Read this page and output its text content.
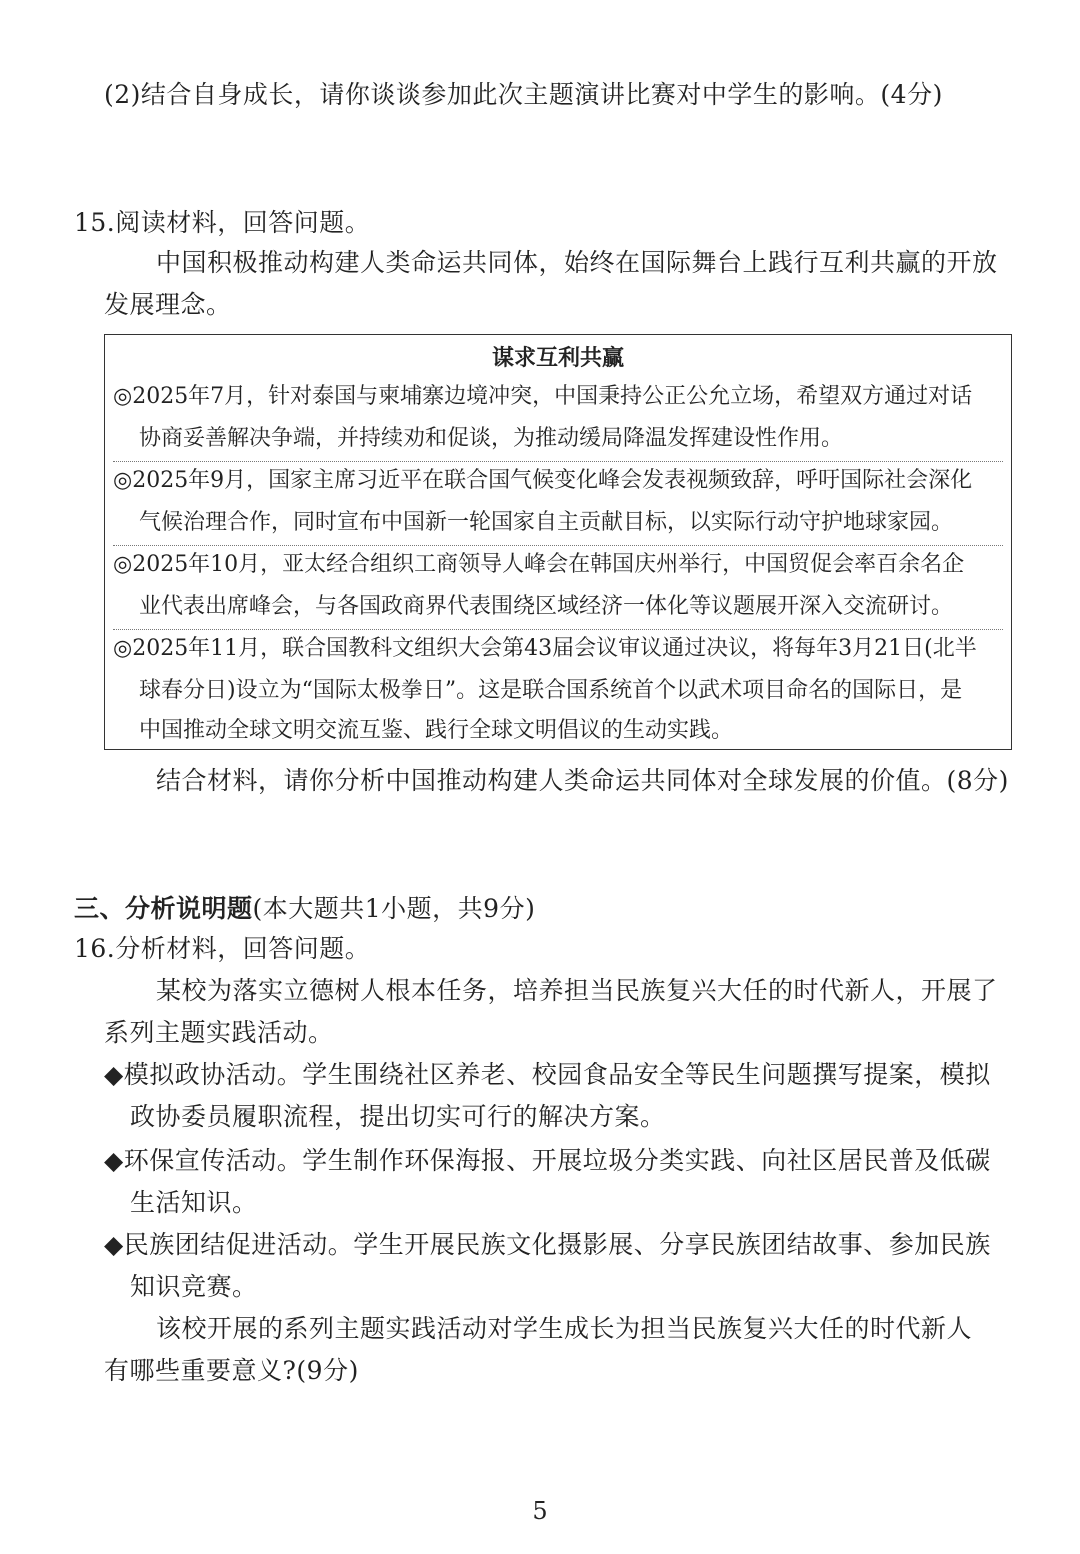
(2)结合自身成长，请你谈谈参加此次主题演讲比赛对中学生的影响。(4分)
15.阅读材料，回答问题。
中国积极推动构建人类命运共同体，始终在国际舞台上践行互利共赢的开放
发展理念。
谋求互利共赢
◎2025年7月，针对泰国与柬埔寨边境冲突，中国秉持公正公允立场，希望双方通过对话
协商妥善解决争端，并持续劝和促谈，为推动缓局降温发挥建设性作用。
◎2025年9月，国家主席习近平在联合国气候变化峰会发表视频致辞，呼吁国际社会深化
气候治理合作，同时宣布中国新一轮国家自主贡献目标，以实际行动守护地球家园。
◎2025年10月，亚太经合组织工商领导人峰会在韩国庆州举行，中国贸促会率百余名企
业代表出席峰会，与各国政商界代表围绕区域经济一体化等议题展开深入交流研讨。
◎2025年11月，联合国教科文组织大会第43届会议审议通过决议，将每年3月21日(北半
球春分日)设立为“国际太极拳日”。这是联合国系统首个以武术项目命名的国际日，是
中国推动全球文明交流互鉴、践行全球文明倡议的生动实践。
结合材料，请你分析中国推动构建人类命运共同体对全球发展的价值。(8分)
三、分析说明题(本大题共1小题，共9分)
16.分析材料，回答问题。
某校为落实立德树人根本任务，培养担当民族复兴大任的时代新人，开展了
系列主题实践活动。
◆模拟政协活动。学生围绕社区养老、校园食品安全等民生问题撰写提案，模拟
政协委员履职流程，提出切实可行的解决方案。
◆环保宣传活动。学生制作环保海报、开展垃圾分类实践、向社区居民普及低碳
生活知识。
◆民族团结促进活动。学生开展民族文化摄影展、分享民族团结故事、参加民族
知识竞赛。
该校开展的系列主题实践活动对学生成长为担当民族复兴大任的时代新人
有哪些重要意义?(9分)
5
